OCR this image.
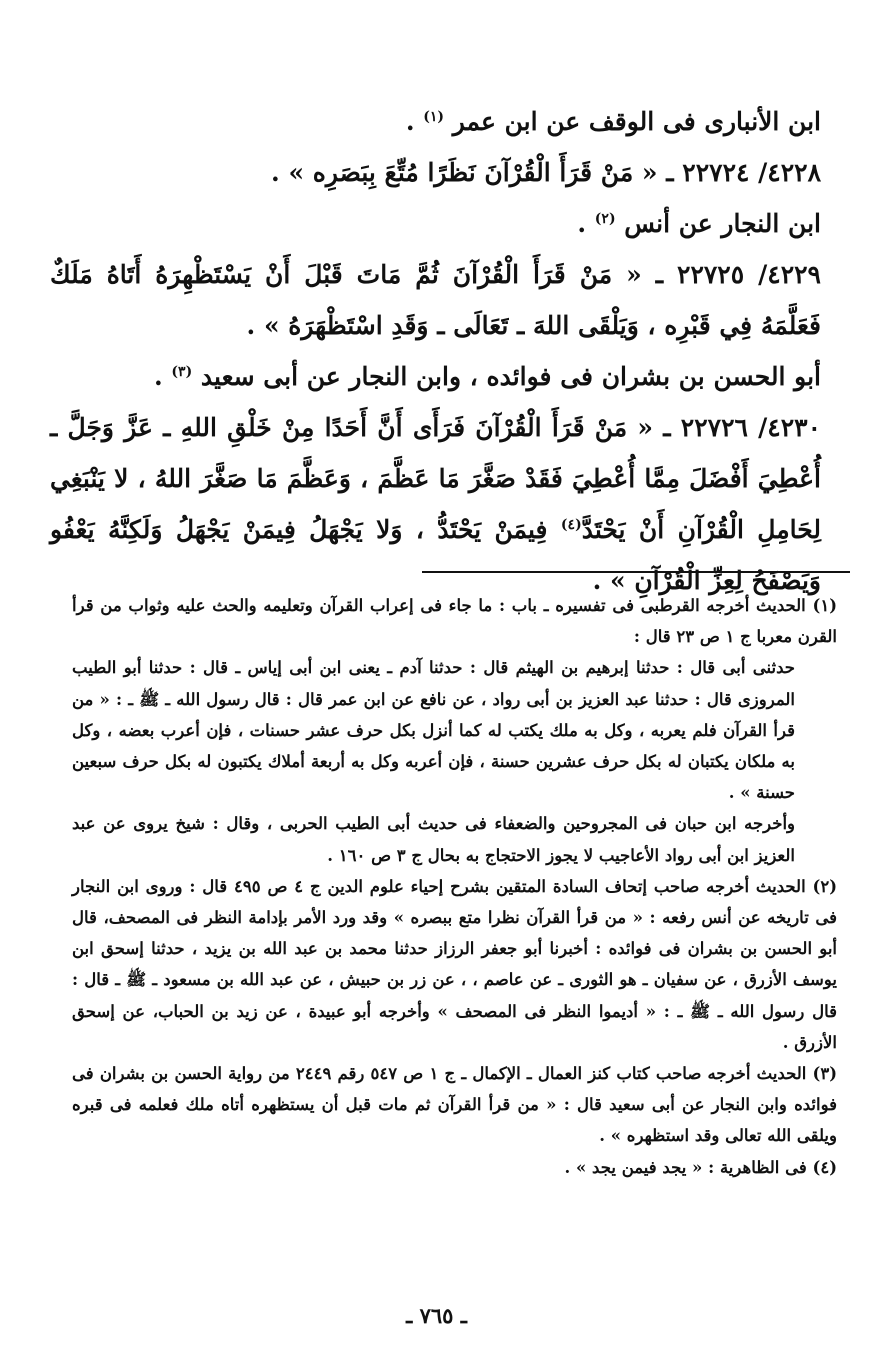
ابن الأنبارى فى الوقف عن ابن عمر $^{(١)}$ .

٤٢٢٨/ ٢٢٧٢٤ ـ « مَنْ قَرَأَ الْقُرْآنَ نَظَرًا مُتِّعَ بِبَصَرِه » .

ابن النجار عن أنس $^{(٢)}$ .

٤٢٢٩/ ٢٢٧٢٥ ـ « مَنْ قَرَأَ الْقُرْآنَ ثُمَّ مَاتَ قَبْلَ أَنْ يَسْتَظْهِرَهُ أَتَاهُ مَلَكٌ فَعَلَّمَهُ فِي قَبْرِه ، وَيَلْقَى اللهَ ـ تَعَالَى ـ وَقَدِ اسْتَظْهَرَهُ » .

أبو الحسن بن بشران فى فوائده ، وابن النجار عن أبى سعيد $^{(٣)}$ .

٤٢٣٠/ ٢٢٧٢٦ ـ « مَنْ قَرَأَ الْقُرْآنَ فَرَأَى أَنَّ أَحَدًا مِنْ خَلْقِ اللهِ ـ عَزَّ وَجَلَّ ـ أُعْطِيَ أَفْضَلَ مِمَّا أُعْطِيَ فَقَدْ صَغَّرَ مَا عَظَّمَ ، وَعَظَّمَ مَا صَغَّرَ اللهُ ، لا يَنْبَغِي لِحَامِلِ الْقُرْآنِ أَنْ يَحْتَدَّ$^{(٤)}$ فِيمَنْ يَحْتَدُّ ، وَلا يَجْهَلُ فِيمَنْ يَجْهَلُ وَلَكِنَّهُ يَعْفُو وَيَصْفَحُ لِعِزِّ الْقُرْآنِ » .

(١) الحديث أخرجه القرطبى فى تفسيره ـ باب : ما جاء فى إعراب القرآن وتعليمه والحث عليه وثواب من قرأ القرن معربا ج ١ ص ٢٣ قال :
حدثنى أبى قال : حدثنا إبرهيم بن الهيثم قال : حدثنا آدم ـ يعنى ابن أبى إياس ـ قال : حدثنا أبو الطيب المروزى قال : حدثنا عبد العزيز بن أبى رواد ، عن نافع عن ابن عمر قال : قال رسول الله ـ ﷺ ـ : « من قرأ القرآن فلم يعربه ، وكل به ملك يكتب له كما أنزل بكل حرف عشر حسنات ، فإن أعرب بعضه ، وكل به ملكان يكتبان له بكل حرف عشرين حسنة ، فإن أعربه وكل به أربعة أملاك يكتبون له بكل حرف سبعين حسنة » .
وأخرجه ابن حبان فى المجروحين والضعفاء فى حديث أبى الطيب الحربى ، وقال : شيخ يروى عن عبد العزيز ابن أبى رواد الأعاجيب لا يجوز الاحتجاج به بحال ج ٣ ص ١٦٠ .
(٢) الحديث أخرجه صاحب إتحاف السادة المتقين بشرح إحياء علوم الدين ج ٤ ص ٤٩٥ قال : وروى ابن النجار فى تاريخه عن أنس رفعه : « من قرأ القرآن نظرا متع ببصره » وقد ورد الأمر بإدامة النظر فى المصحف، قال أبو الحسن بن بشران فى فوائده : أخبرنا أبو جعفر الرزاز حدثنا محمد بن عبد الله بن يزيد ، حدثنا إسحق ابن يوسف الأزرق ، عن سفيان ـ هو الثورى ـ عن عاصم ، ، عن زر بن حبيش ، عن عبد الله بن مسعود ـ ﷺ ـ قال : قال رسول الله ـ ﷺ ـ : « أديموا النظر فى المصحف » وأخرجه أبو عبيدة ، عن زيد بن الحباب، عن إسحق الأزرق .
(٣) الحديث أخرجه صاحب كتاب كنز العمال ـ الإكمال ـ ج ١ ص ٥٤٧ رقم ٢٤٤٩ من رواية الحسن بن بشران فى فوائده وابن النجار عن أبى سعيد قال : « من قرأ القرآن ثم مات قبل أن يستظهره أتاه ملك فعلمه فى قبره ويلقى الله تعالى وقد استظهره » .
(٤) فى الظاهرية : « يجد فيمن يجد » .
ـ ٧٦٥ ـ
